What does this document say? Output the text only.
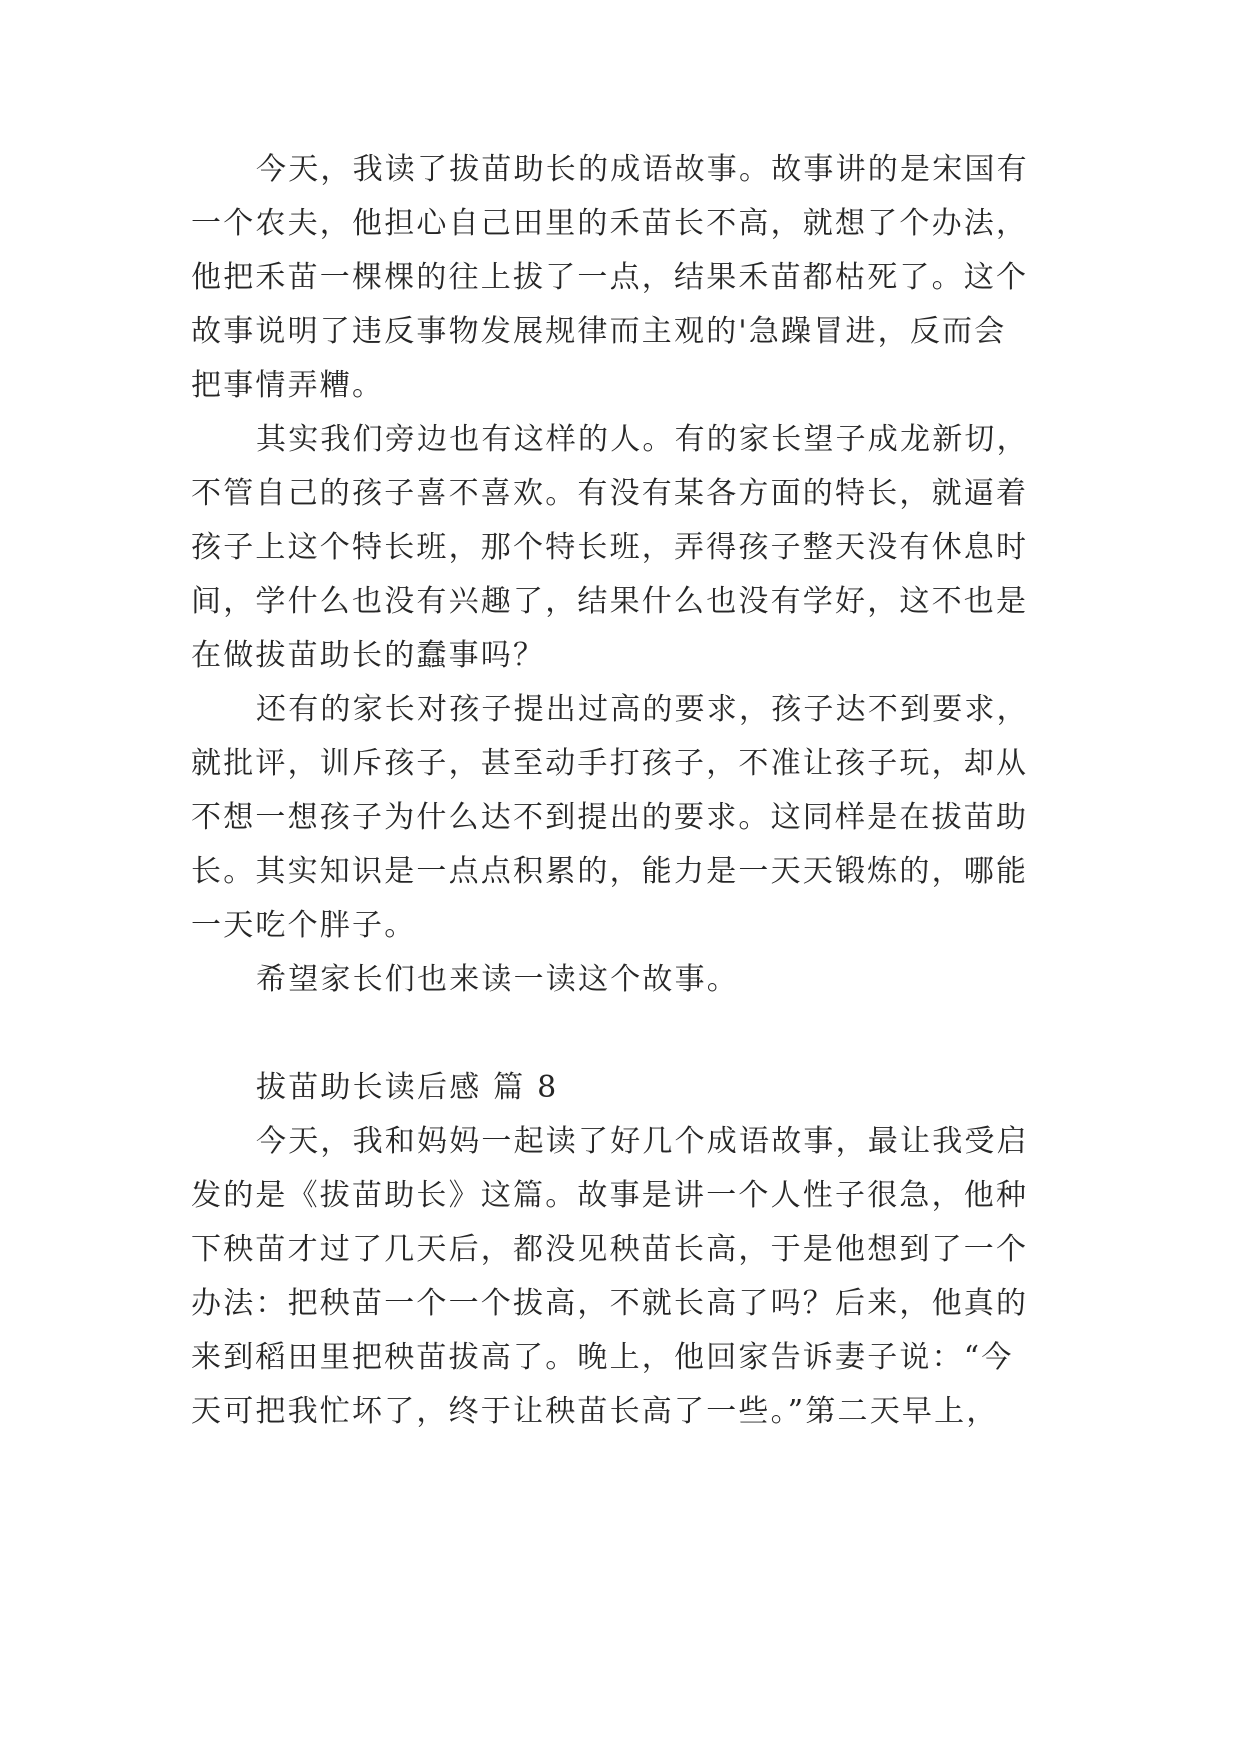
今天，我读了拔苗助长的成语故事。故事讲的是宋国有
一个农夫，他担心自己田里的禾苗长不高，就想了个办法，
他把禾苗一棵棵的往上拔了一点，结果禾苗都枯死了。这个
故事说明了违反事物发展规律而主观的'急躁冒进，反而会
把事情弄糟。
其实我们旁边也有这样的人。有的家长望子成龙新切，
不管自己的孩子喜不喜欢。有没有某各方面的特长，就逼着
孩子上这个特长班，那个特长班，弄得孩子整天没有休息时
间，学什么也没有兴趣了，结果什么也没有学好，这不也是
在做拔苗助长的蠢事吗？
还有的家长对孩子提出过高的要求，孩子达不到要求，
就批评，训斥孩子，甚至动手打孩子，不准让孩子玩，却从
不想一想孩子为什么达不到提出的要求。这同样是在拔苗助
长。其实知识是一点点积累的，能力是一天天锻炼的，哪能
一天吃个胖子。
希望家长们也来读一读这个故事。
拔苗助长读后感 篇 8
今天，我和妈妈一起读了好几个成语故事，最让我受启
发的是《拔苗助长》这篇。故事是讲一个人性子很急，他种
下秧苗才过了几天后，都没见秧苗长高，于是他想到了一个
办法：把秧苗一个一个拔高，不就长高了吗？后来，他真的
来到稻田里把秧苗拔高了。晚上，他回家告诉妻子说：“今
天可把我忙坏了，终于让秧苗长高了一些。”第二天早上，
